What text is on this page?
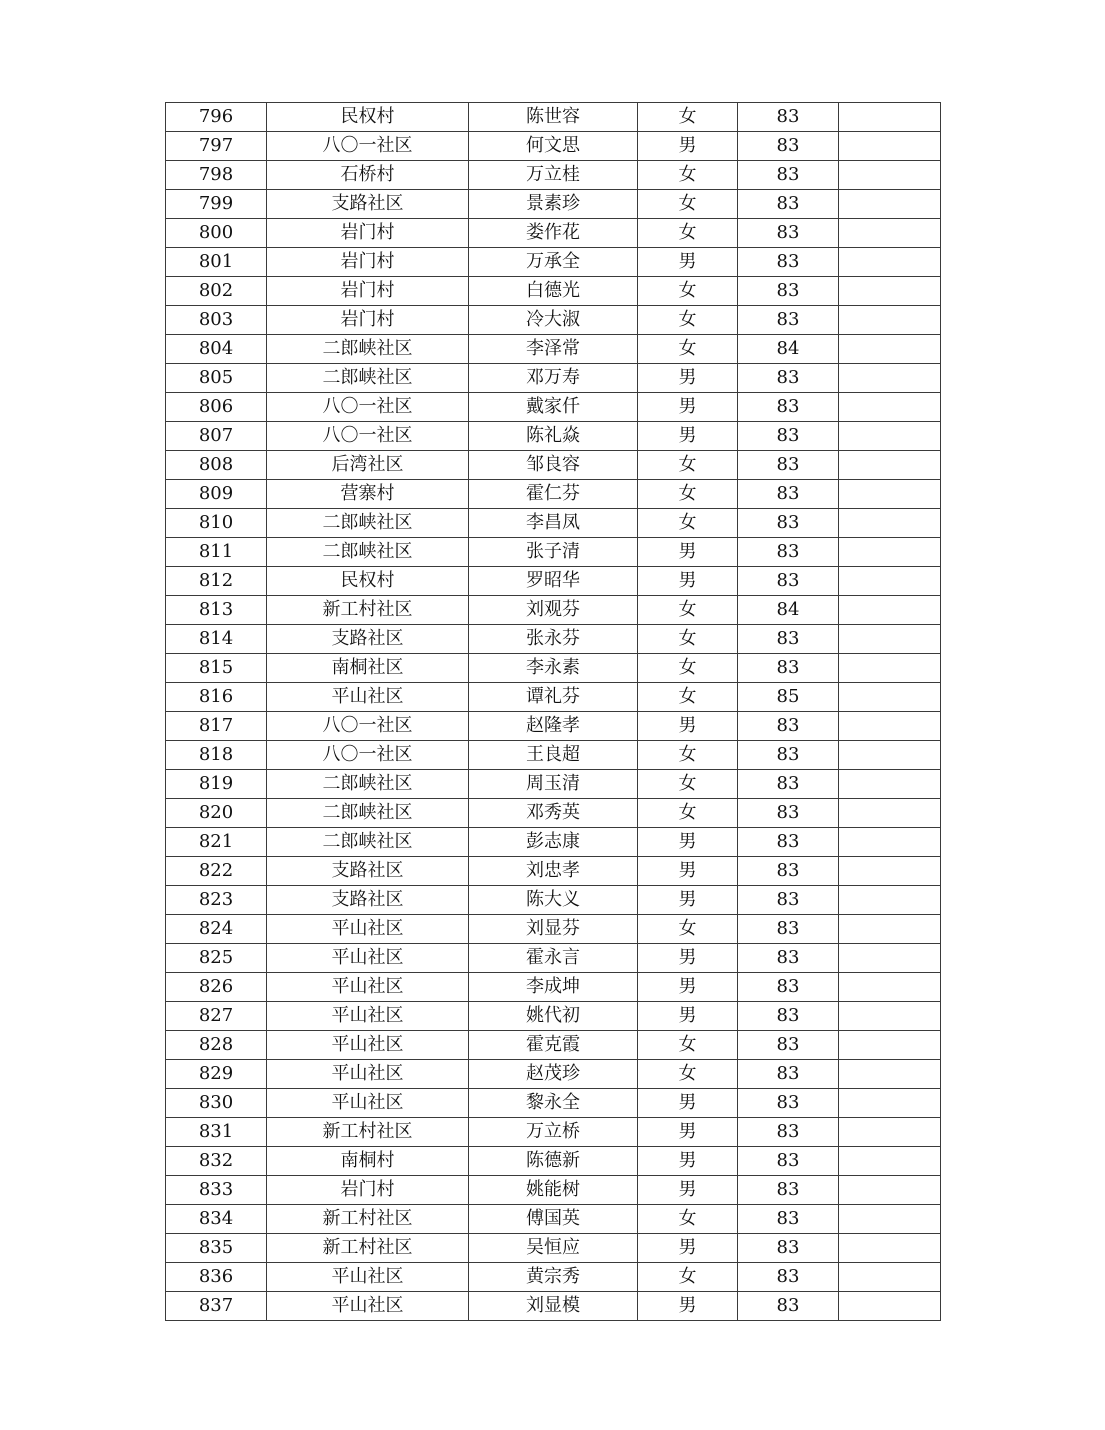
796	民权村	陈世容	女	83	
797	八〇一社区	何文思	男	83	
798	石桥村	万立桂	女	83	
799	支路社区	景素珍	女	83	
800	岩门村	娄作花	女	83	
801	岩门村	万承全	男	83	
802	岩门村	白德光	女	83	
803	岩门村	冷大淑	女	83	
804	二郎峡社区	李泽常	女	84	
805	二郎峡社区	邓万寿	男	83	
806	八〇一社区	戴家仟	男	83	
807	八〇一社区	陈礼焱	男	83	
808	后湾社区	邹良容	女	83	
809	营寨村	霍仁芬	女	83	
810	二郎峡社区	李昌凤	女	83	
811	二郎峡社区	张子清	男	83	
812	民权村	罗昭华	男	83	
813	新工村社区	刘观芬	女	84	
814	支路社区	张永芬	女	83	
815	南桐社区	李永素	女	83	
816	平山社区	谭礼芬	女	85	
817	八〇一社区	赵隆孝	男	83	
818	八〇一社区	王良超	女	83	
819	二郎峡社区	周玉清	女	83	
820	二郎峡社区	邓秀英	女	83	
821	二郎峡社区	彭志康	男	83	
822	支路社区	刘忠孝	男	83	
823	支路社区	陈大义	男	83	
824	平山社区	刘显芬	女	83	
825	平山社区	霍永言	男	83	
826	平山社区	李成坤	男	83	
827	平山社区	姚代初	男	83	
828	平山社区	霍克霞	女	83	
829	平山社区	赵茂珍	女	83	
830	平山社区	黎永全	男	83	
831	新工村社区	万立桥	男	83	
832	南桐村	陈德新	男	83	
833	岩门村	姚能树	男	83	
834	新工村社区	傅国英	女	83	
835	新工村社区	吴恒应	男	83	
836	平山社区	黄宗秀	女	83	
837	平山社区	刘显模	男	83	
